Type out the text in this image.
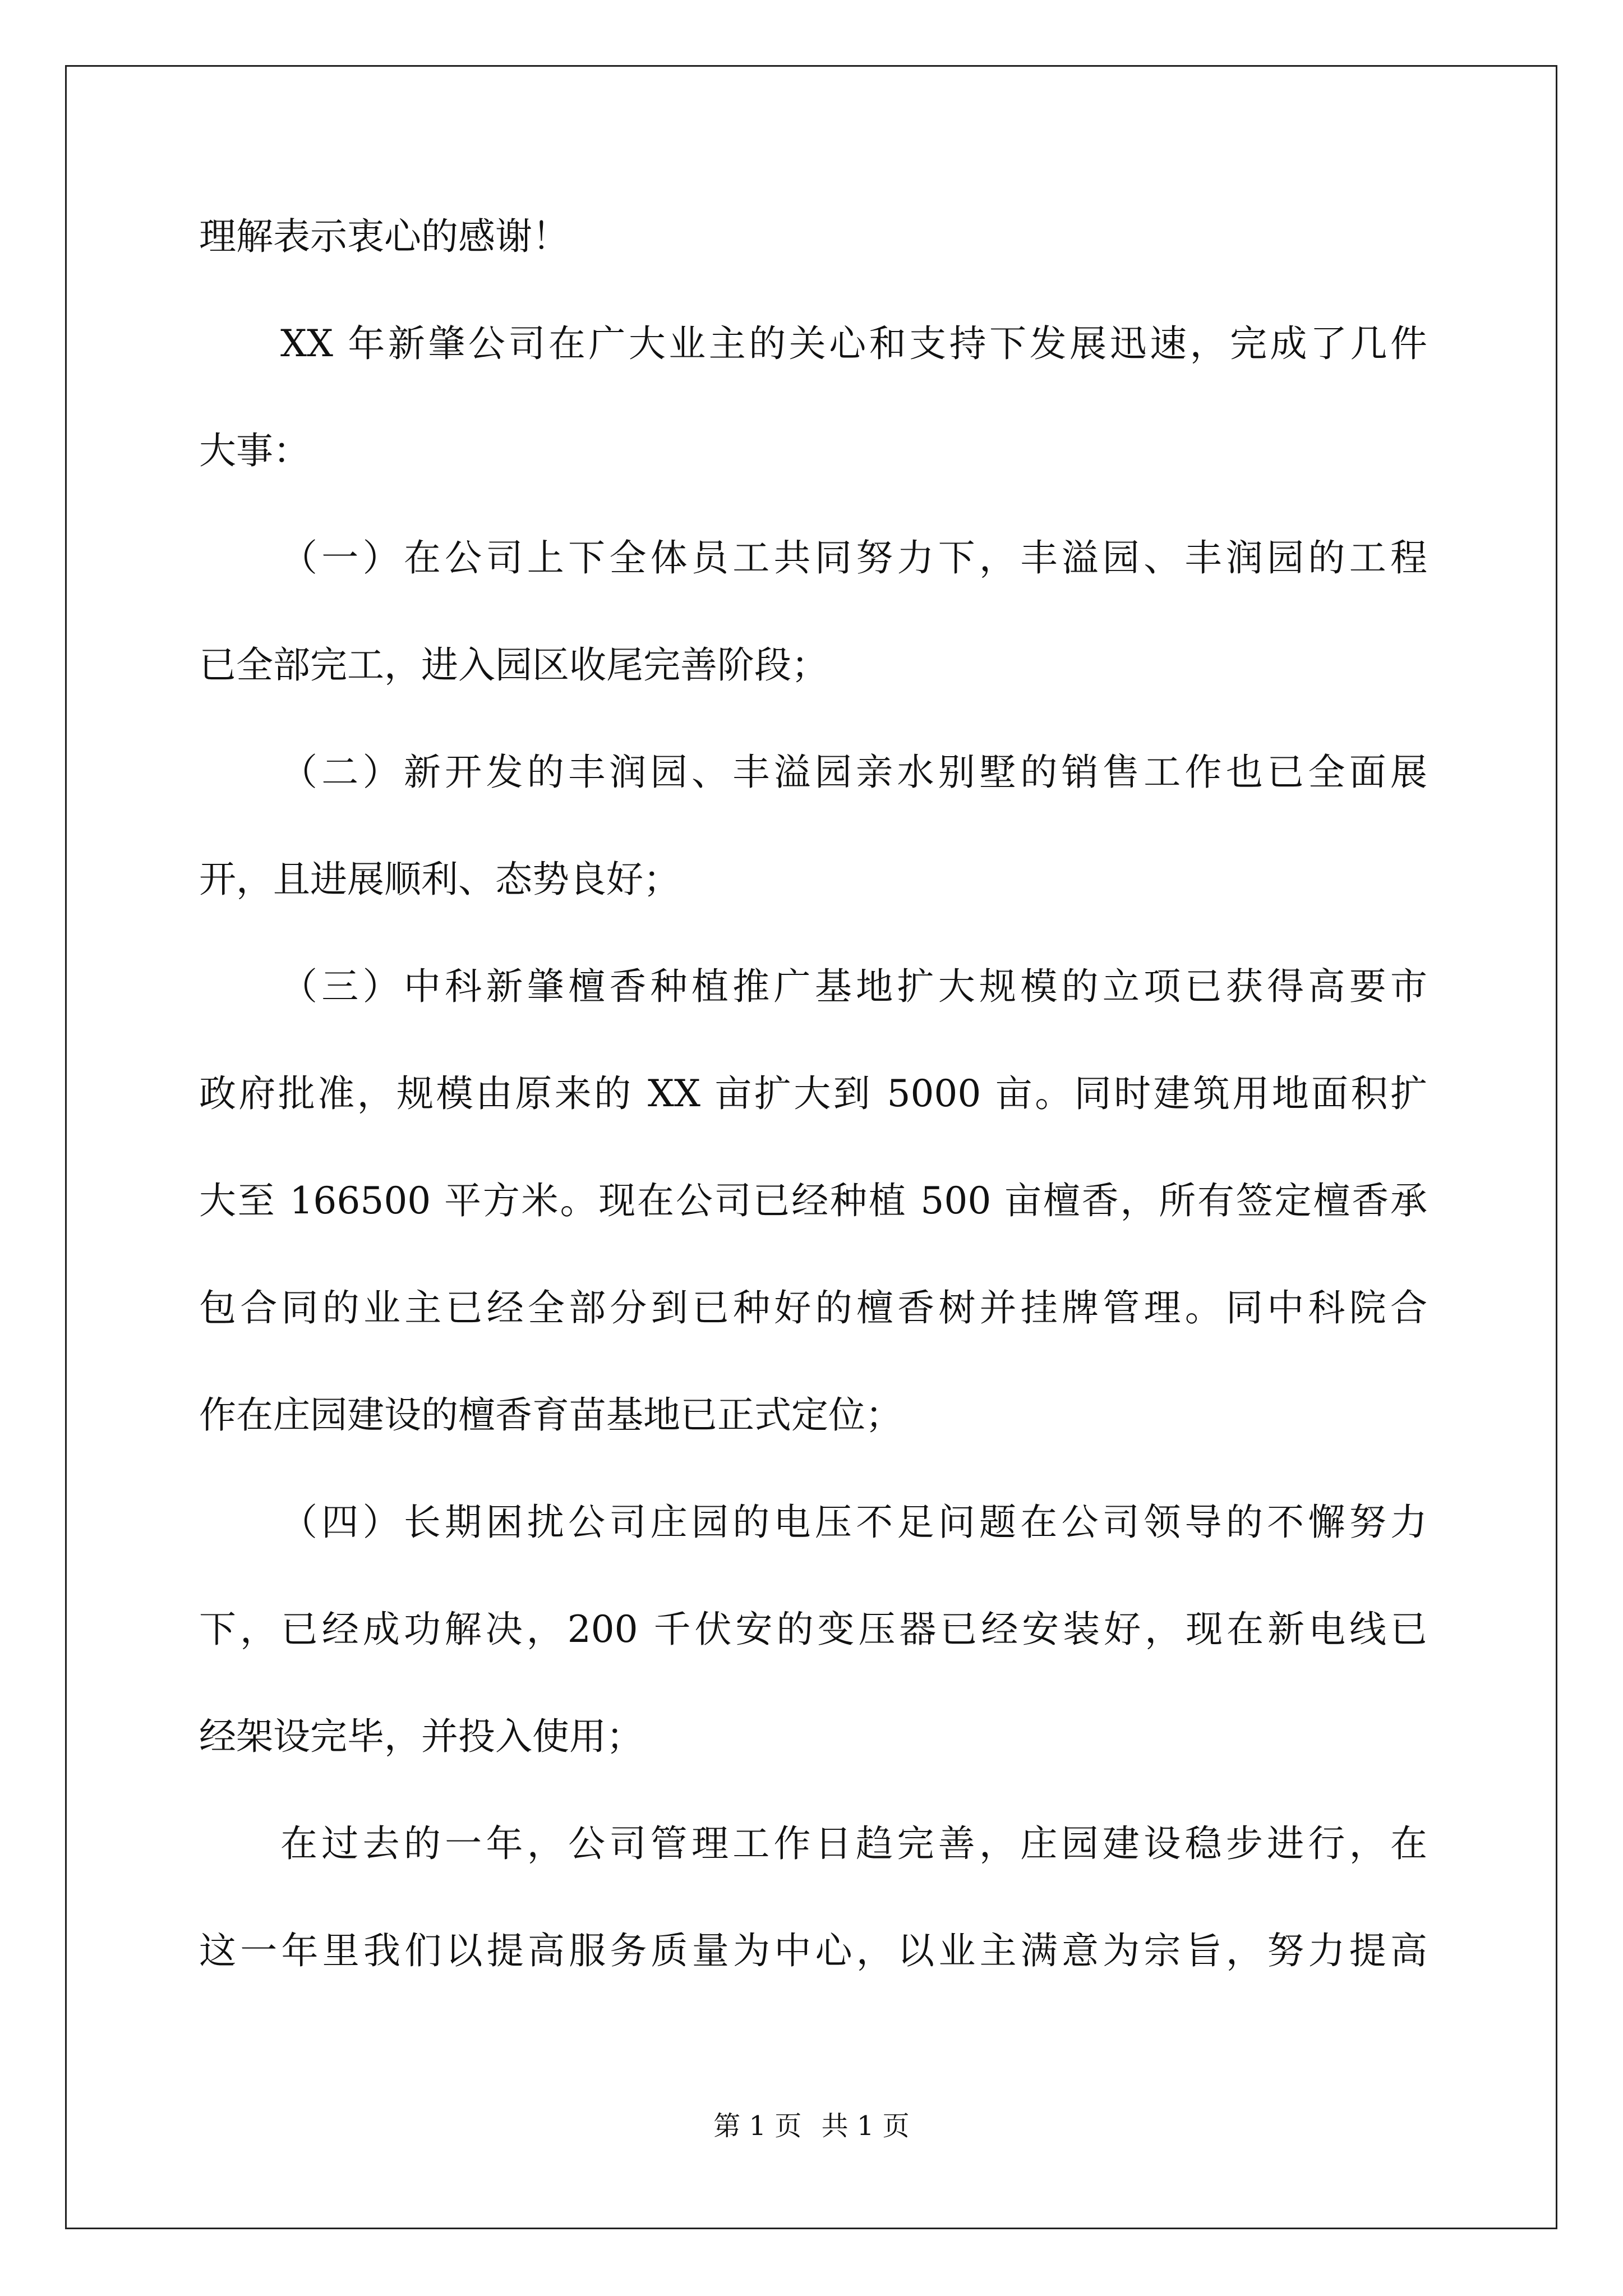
理解表示衷心的感谢！
XX 年新肇公司在广大业主的关心和支持下发展迅速，完成了几件
大事：
（一）在公司上下全体员工共同努力下，丰溢园、丰润园的工程
已全部完工，进入园区收尾完善阶段；
（二）新开发的丰润园、丰溢园亲水别墅的销售工作也已全面展
开，且进展顺利、态势良好；
（三）中科新肇檀香种植推广基地扩大规模的立项已获得高要市
政府批准，规模由原来的 XX 亩扩大到 5000 亩。同时建筑用地面积扩
大至 166500 平方米。现在公司已经种植 500 亩檀香，所有签定檀香承
包合同的业主已经全部分到已种好的檀香树并挂牌管理。同中科院合
作在庄园建设的檀香育苗基地已正式定位；
（四）长期困扰公司庄园的电压不足问题在公司领导的不懈努力
下，已经成功解决，200 千伏安的变压器已经安装好，现在新电线已
经架设完毕，并投入使用；
在过去的一年，公司管理工作日趋完善，庄园建设稳步进行，在
这一年里我们以提高服务质量为中心，以业主满意为宗旨，努力提高
第 1 页 共 1 页
